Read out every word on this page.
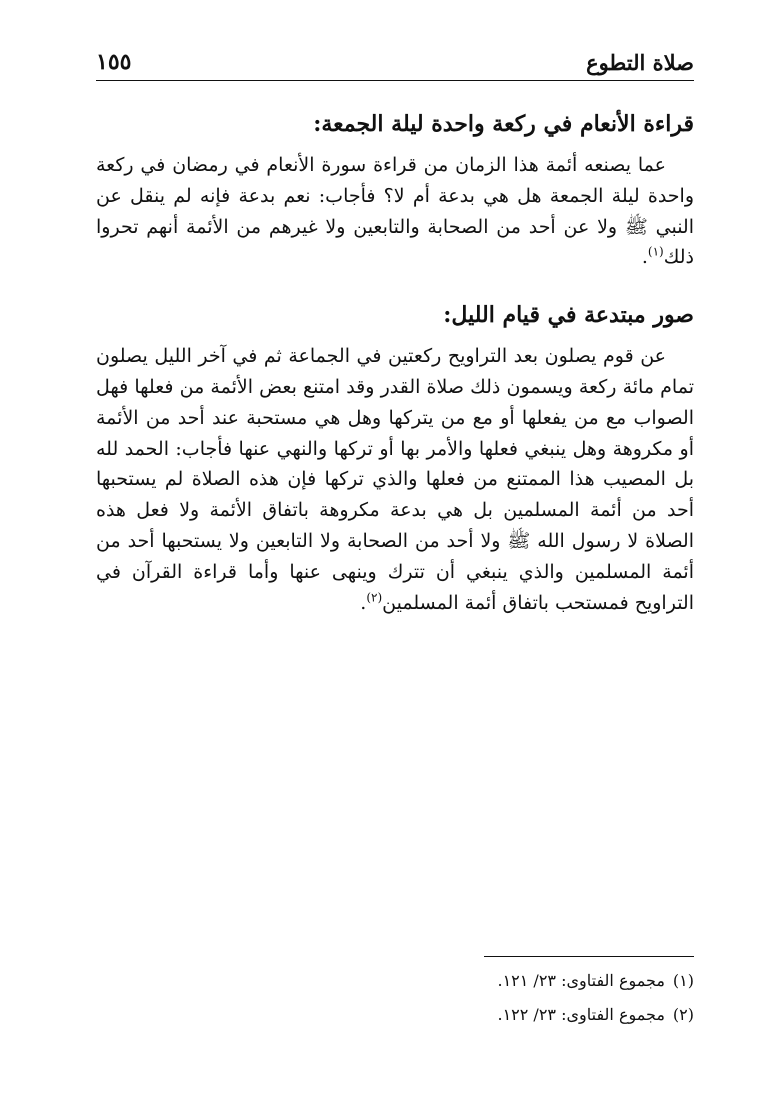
صلاة التطوع
١٥٥
قراءة الأنعام في ركعة واحدة ليلة الجمعة:

عما يصنعه أئمة هذا الزمان من قراءة سورة الأنعام في رمضان في ركعة واحدة ليلة الجمعة هل هي بدعة أم لا؟ فأجاب: نعم بدعة فإنه لم ينقل عن النبي ﷺ ولا عن أحد من الصحابة والتابعين ولا غيرهم من الأئمة أنهم تحروا ذلك$^{(١)}$.

صور مبتدعة في قيام الليل:

عن قوم يصلون بعد التراويح ركعتين في الجماعة ثم في آخر الليل يصلون تمام مائة ركعة ويسمون ذلك صلاة القدر وقد امتنع بعض الأئمة من فعلها فهل الصواب مع من يفعلها أو مع من يتركها وهل هي مستحبة عند أحد من الأئمة أو مكروهة وهل ينبغي فعلها والأمر بها أو تركها والنهي عنها فأجاب: الحمد لله بل المصيب هذا الممتنع من فعلها والذي تركها فإن هذه الصلاة لم يستحبها أحد من أئمة المسلمين بل هي بدعة مكروهة باتفاق الأئمة ولا فعل هذه الصلاة لا رسول الله ﷺ ولا أحد من الصحابة ولا التابعين ولا يستحبها أحد من أئمة المسلمين والذي ينبغي أن تترك وينهى عنها وأما قراءة القرآن في التراويح فمستحب باتفاق أئمة المسلمين$^{(٢)}$.

(١)
مجموع الفتاوى: ٢٣/ ١٢١.
(٢)
مجموع الفتاوى: ٢٣/ ١٢٢.
